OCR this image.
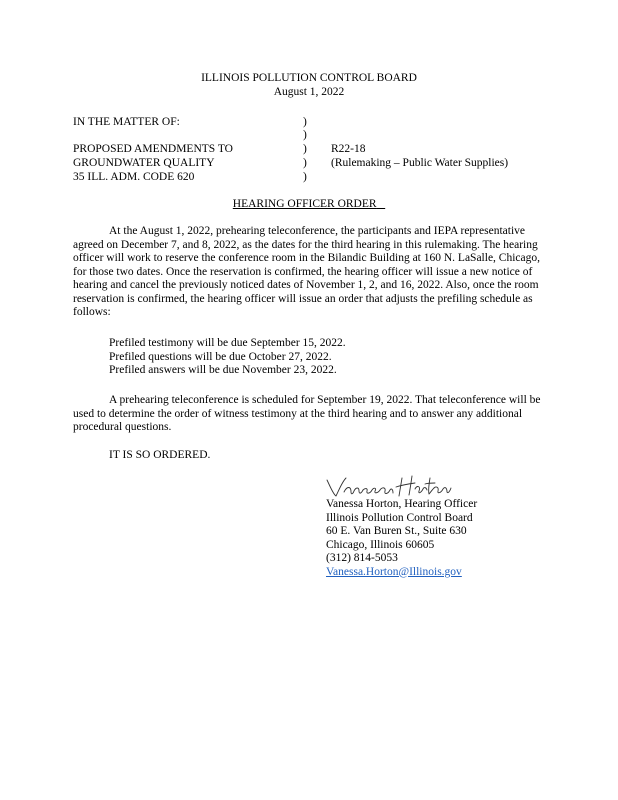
ILLINOIS POLLUTION CONTROL BOARD
August 1, 2022
IN THE MATTER OF:
PROPOSED AMENDMENTS TO
GROUNDWATER QUALITY
35 ILL. ADM. CODE 620
)
)
)
)
)
R22-18
(Rulemaking – Public Water Supplies)
HEARING OFFICER ORDER
At the August 1, 2022, prehearing teleconference, the participants and IEPA representative agreed on December 7, and 8, 2022, as the dates for the third hearing in this rulemaking. The hearing officer will work to reserve the conference room in the Bilandic Building at 160 N. LaSalle, Chicago, for those two dates. Once the reservation is confirmed, the hearing officer will issue a new notice of hearing and cancel the previously noticed dates of November 1, 2, and 16, 2022. Also, once the room reservation is confirmed, the hearing officer will issue an order that adjusts the prefiling schedule as follows:
Prefiled testimony will be due September 15, 2022.
Prefiled questions will be due October 27, 2022.
Prefiled answers will be due November 23, 2022.
A prehearing teleconference is scheduled for September 19, 2022. That teleconference will be used to determine the order of witness testimony at the third hearing and to answer any additional procedural questions.
IT IS SO ORDERED.
Vanessa Horton, Hearing Officer
Illinois Pollution Control Board
60 E. Van Buren St., Suite 630
Chicago, Illinois 60605
(312) 814-5053
Vanessa.Horton@Illinois.gov
